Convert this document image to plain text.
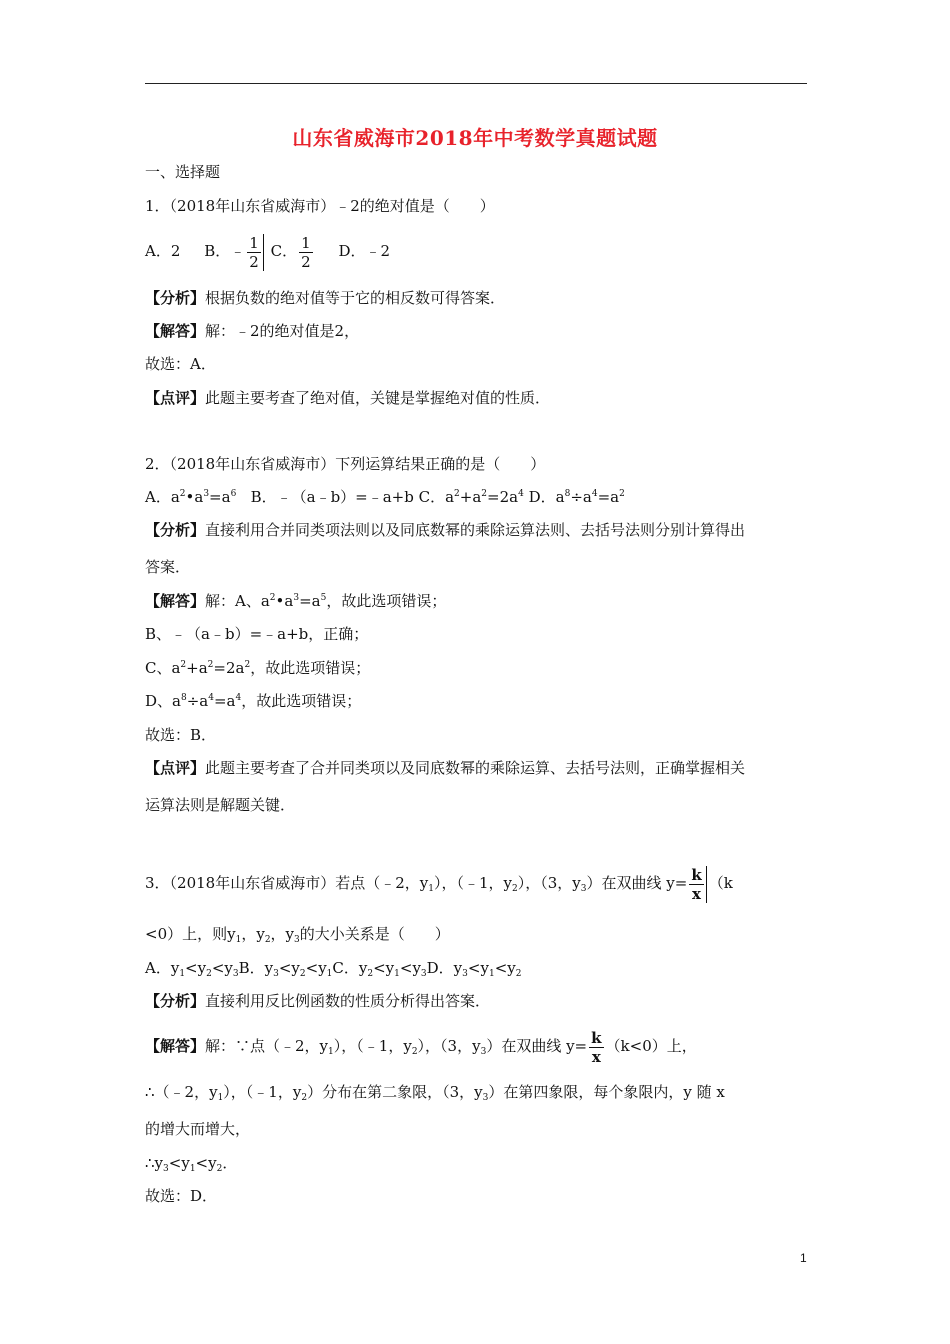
山东省威海市2018年中考数学真题试题
一、选择题
1．（2018年山东省威海市）﹣2的绝对值是（　　）
A．2 B．﹣ $\frac{1}{2}$ C． $\frac{1}{2}$ D．﹣2
【分析】根据负数的绝对值等于它的相反数可得答案．
【解答】解：﹣2的绝对值是2，
故选：A．
【点评】此题主要考查了绝对值，关键是掌握绝对值的性质．
2．（2018年山东省威海市）下列运算结果正确的是（　　）
A．$a^2•a^3=a^6$   B．﹣（a﹣b）=﹣a+b C．$a^2+a^2=2a^4$ D．$a^8\div a^4=a^2$
【分析】直接利用合并同类项法则以及同底数幂的乘除运算法则、去括号法则分别计算得出
答案．
【解答】解：A、$a^2•a^3=a^5$，故此选项错误；
B、﹣（a﹣b）=﹣a+b，正确；
C、$a^2+a^2=2a^2$，故此选项错误；
D、$a^8\div a^4=a^4$，故此选项错误；
故选：B．
【点评】此题主要考查了合并同类项以及同底数幂的乘除运算、去括号法则，正确掌握相关
运算法则是解题关键．
3．（2018年山东省威海市）若点（﹣2，$y_1$），（﹣1，$y_2$），（3，$y_3$）在双曲线 $y= \frac{k}{x} (k$
<0）上，则$y_1$，$y_2$，$y_3$的大小关系是（　　）
A．$y_1<y_2<y_3B$．$y_3<y_2<y_1C$．$y_2<y_1<y_3D$．$y_3<y_1<y_2$
【分析】直接利用反比例函数的性质分析得出答案．
【解答】解：∵点（﹣2，$y_1$），（﹣1，$y_2$），（3，$y_3$）在双曲线 $y= \frac{k}{x} (k<0)$上，
∴（﹣2，$y_1$），（﹣1，$y_2$）分布在第二象限，（3，$y_3$）在第四象限，每个象限内，y 随 x
的增大而增大，
$\therefore y_3<y_1<y_2$．
故选：D．
1
